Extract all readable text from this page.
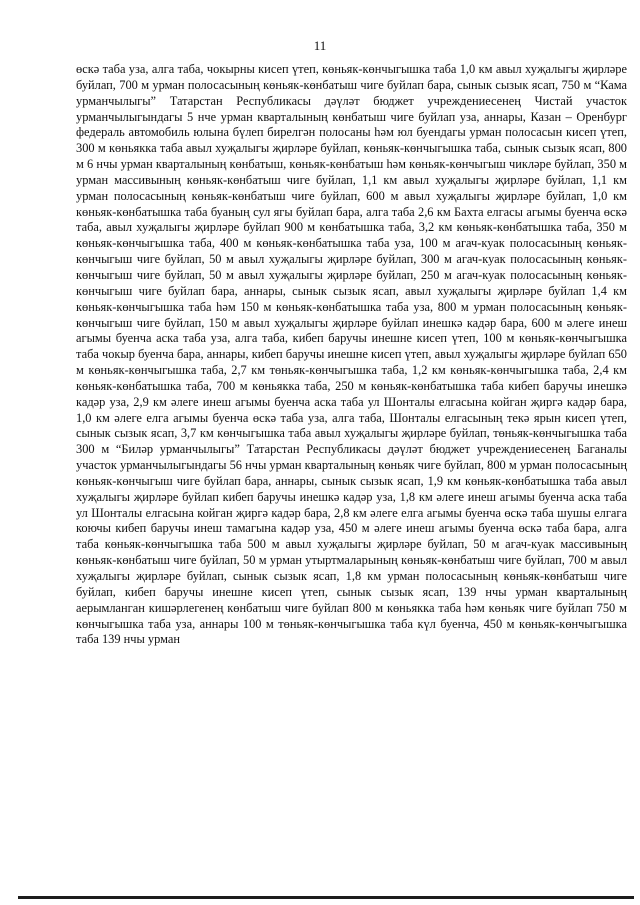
11

өскә таба уза, алга таба, чокырны кисеп үтеп, көньяк-көнчыгышка таба 1,0 км авыл хуҗалыгы җирләре буйлап, 700 м урман полосасының көньяк-көнбатыш чиге буйлап бара, сынык сызык ясап, 750 м “Кама урманчылыгы” Татарстан Республикасы дәүләт бюджет учреждениесенең Чистай участок урманчылыгындагы 5 нче урман кварталының көнбатыш чиге буйлап уза, аннары, Казан – Оренбург федераль автомобиль юлына бүлеп бирелгән полосаны һәм юл буендагы урман полосасын кисеп үтеп, 300 м көньякка таба авыл хуҗалыгы җирләре буйлап, көньяк-көнчыгышка таба, сынык сызык ясап, 800 м 6 нчы урман кварталының көнбатыш, көньяк-көнбатыш һәм көньяк-көнчыгыш чикләре буйлап, 350 м урман массивының көньяк-көнбатыш чиге буйлап, 1,1 км авыл хуҗалыгы җирләре буйлап, 1,1 км урман полосасының көньяк-көнбатыш чиге буйлап, 600 м авыл хуҗалыгы җирләре буйлап, 1,0 км көньяк-көнбатышка таба буаның сул ягы буйлап бара, алга таба 2,6 км Бахта елгасы агымы буенча өскә таба, авыл хуҗалыгы җирләре буйлап 900 м көнбатышка таба, 3,2 км көньяк-көнбатышка таба, 350 м көньяк-көнчыгышка таба, 400 м көньяк-көнбатышка таба уза, 100 м агач-куак полосасының көньяк-көнчыгыш чиге буйлап, 50 м авыл хуҗалыгы җирләре буйлап, 300 м агач-куак полосасының көньяк-көнчыгыш чиге буйлап, 50 м авыл хуҗалыгы җирләре буйлап, 250 м агач-куак полосасының көньяк-көнчыгыш чиге буйлап бара, аннары, сынык сызык ясап, авыл хуҗалыгы җирләре буйлап 1,4 км көньяк-көнчыгышка таба һәм 150 м көньяк-көнбатышка таба уза, 800 м урман полосасының көньяк-көнчыгыш чиге буйлап, 150 м авыл хуҗалыгы җирләре буйлап инешкә кадәр бара, 600 м әлеге инеш агымы буенча аска таба уза, алга таба, кибеп баручы инешне кисеп үтеп, 100 м көньяк-көнчыгышка таба чокыр буенча бара, аннары, кибеп баручы инешне кисеп үтеп, авыл хуҗалыгы җирләре буйлап 650 м көньяк-көнчыгышка таба, 2,7 км төньяк-көнчыгышка таба, 1,2 км көньяк-көнчыгышка таба, 2,4 км көньяк-көнбатышка таба, 700 м көньякка таба, 250 м көньяк-көнбатышка таба кибеп баручы инешкә кадәр уза, 2,9 км әлеге инеш агымы буенча аска таба ул Шонталы елгасына койган җиргә кадәр бара, 1,0 км әлеге елга агымы буенча өскә таба уза, алга таба, Шонталы елгасының текә ярын кисеп үтеп, сынык сызык ясап, 3,7 км көнчыгышка таба авыл хуҗалыгы җирләре буйлап, төньяк-көнчыгышка таба 300 м “Биләр урманчылыгы” Татарстан Республикасы дәүләт бюджет учреждениесенең Баганалы участок урманчылыгындагы 56 нчы урман кварталының көньяк чиге буйлап, 800 м урман полосасының көньяк-көнчыгыш чиге буйлап бара, аннары, сынык сызык ясап, 1,9 км көньяк-көнбатышка таба авыл хуҗалыгы җирләре буйлап кибеп баручы инешкә кадәр уза, 1,8 км әлеге инеш агымы буенча аска таба ул Шонталы елгасына койган җиргә кадәр бара, 2,8 км әлеге елга агымы буенча өскә таба шушы елгага коючы кибеп баручы инеш тамагына кадәр уза, 450 м әлеге инеш агымы буенча өскә таба бара, алга таба көньяк-көнчыгышка таба 500 м авыл хуҗалыгы җирләре буйлап, 50 м агач-куак массивының көньяк-көнбатыш чиге буйлап, 50 м урман утыртмаларының көньяк-көнбатыш чиге буйлап, 700 м авыл хуҗалыгы җирләре буйлап, сынык сызык ясап, 1,8 км урман полосасының көньяк-көнбатыш чиге буйлап, кибеп баручы инешне кисеп үтеп, сынык сызык ясап, 139 нчы урман кварталының аерымланган кишәрлегенең көнбатыш чиге буйлап 800 м көньякка таба һәм көньяк чиге буйлап 750 м көнчыгышка таба уза, аннары 100 м төньяк-көнчыгышка таба күл буенча, 450 м көньяк-көнчыгышка таба 139 нчы урман
